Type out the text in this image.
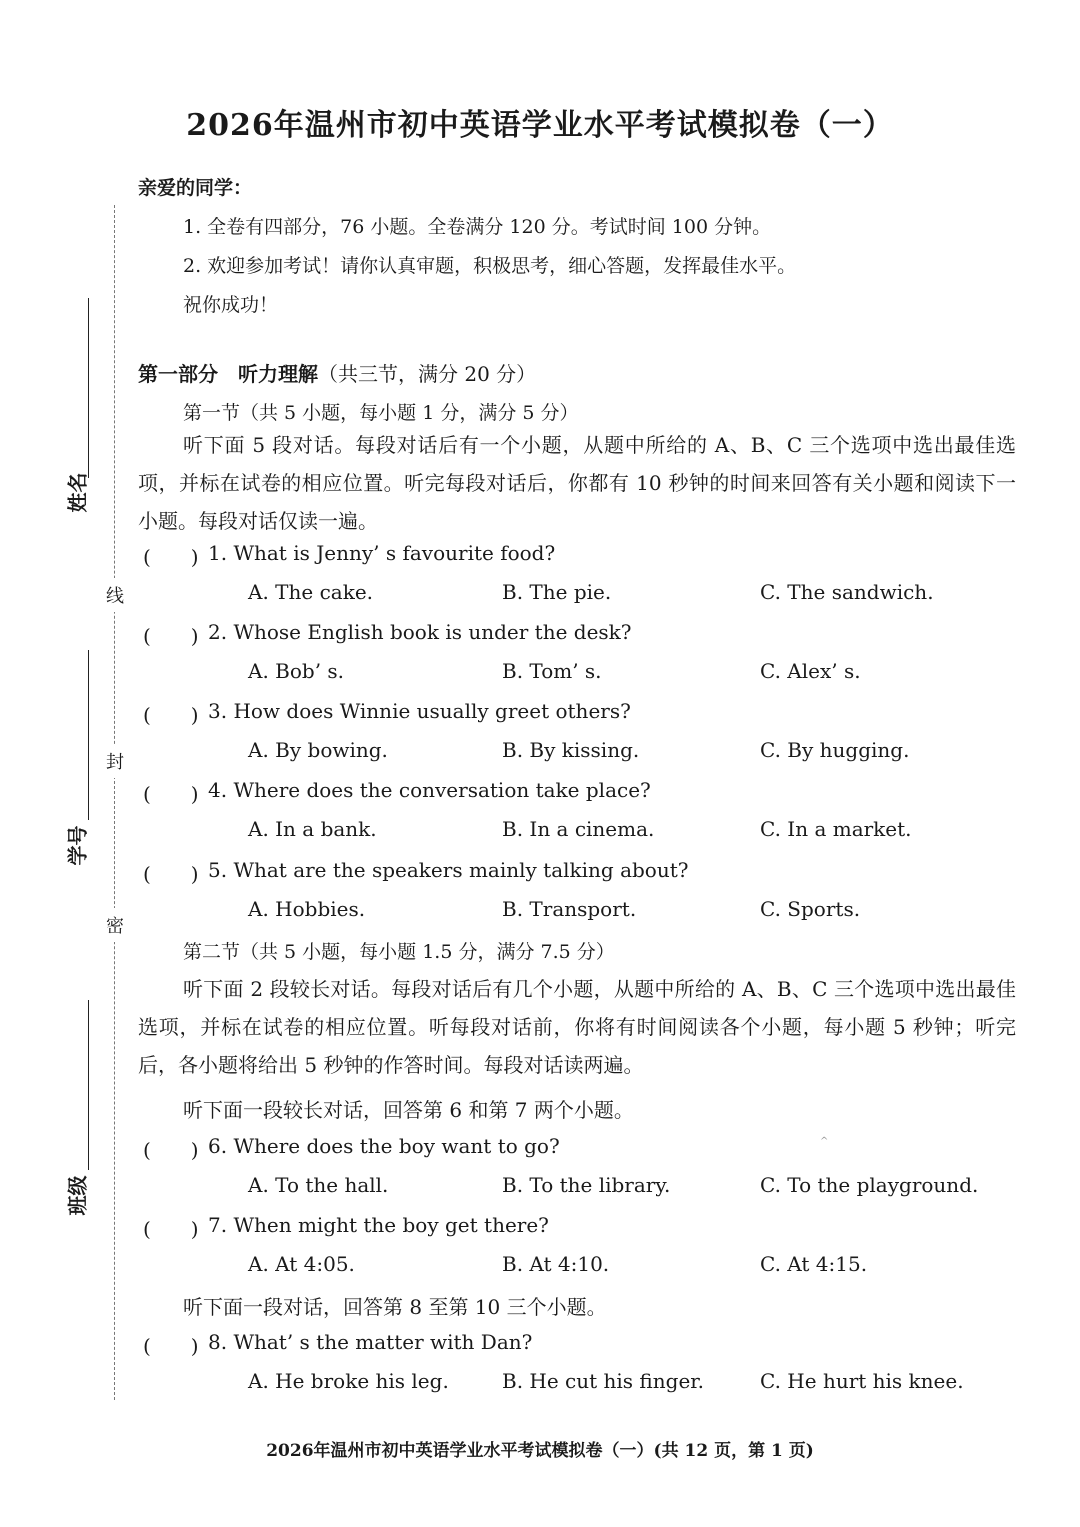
线
封
密
姓名
学号
班级
2026年温州市初中英语学业水平考试模拟卷（一）
亲爱的同学：
1. 全卷有四部分，76 小题。全卷满分 120 分。考试时间 100 分钟。
2. 欢迎参加考试！请你认真审题，积极思考，细心答题，发挥最佳水平。
祝你成功！
第一部分　听力理解（共三节，满分 20 分）
第一节（共 5 小题，每小题 1 分，满分 5 分）
听下面 5 段对话。每段对话后有一个小题，从题中所给的 A、B、C 三个选项中选出最佳选项，并标在试卷的相应位置。听完每段对话后，你都有 10 秒钟的时间来回答有关小题和阅读下一小题。每段对话仅读一遍。
(　　) 1. What is Jenny’ s favourite food?
A. The cake.	B. The pie.	C. The sandwich.
(　　) 2. Whose English book is under the desk?
A. Bob’ s.	B. Tom’ s.	C. Alex’ s.
(　　) 3. How does Winnie usually greet others?
A. By bowing.	B. By kissing.	C. By hugging.
(　　) 4. Where does the conversation take place?
A. In a bank.	B. In a cinema.	C. In a market.
(　　) 5. What are the speakers mainly talking about?
A. Hobbies.	B. Transport.	C. Sports.
第二节（共 5 小题，每小题 1.5 分，满分 7.5 分）
听下面 2 段较长对话。每段对话后有几个小题，从题中所给的 A、B、C 三个选项中选出最佳选项，并标在试卷的相应位置。听每段对话前，你将有时间阅读各个小题，每小题 5 秒钟；听完后，各小题将给出 5 秒钟的作答时间。每段对话读两遍。
听下面一段较长对话，回答第 6 和第 7 两个小题。
(　　) 6. Where does the boy want to go?
A. To the hall.	B. To the library.	C. To the playground.
^
(　　) 7. When might the boy get there?
A. At 4:05.	B. At 4:10.	C. At 4:15.
听下面一段对话，回答第 8 至第 10 三个小题。
(　　) 8. What’ s the matter with Dan?
A. He broke his leg.	B. He cut his finger.	C. He hurt his knee.
2026年温州市初中英语学业水平考试模拟卷（一）(共 12 页，第 1 页)
